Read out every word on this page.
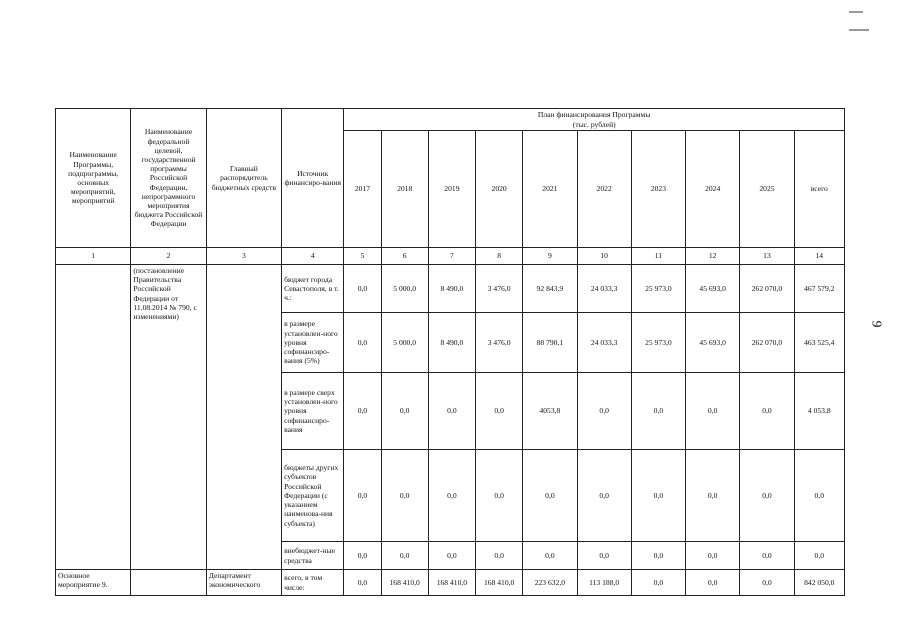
9
Наименование Программы, подпрограммы, основных мероприятий, мероприятий	Наименование федеральной целевой, государственной программы Российской Федерации, непрограммного мероприятия бюджета Российской Федерации	Главный распорядитель бюджетных средств	Источник финансиро-вания	План финансирования Программы
(тыс. рублей)									

				2017	2018	2019	2020	2021	2022	2023	2024	2025	всего
1	2	3	4	5	6	7	8	9	10	11	12	13	14
	(постановление Правительства Российской Федерации от 11.08.2014 № 790, с изменениями)		бюджет города Севастополя, в т. ч.:	0,0	5 000,0	8 490,0	3 476,0	92 843,9	24 033,3	25 973,0	45 693,0	262 070,0	467 579,2
			в размере установлен-ного уровня софинансиро-вания (5%)	0,0	5 000,0	8 490,0	3 476,0	88 790,1	24 033,3	25 973,0	45 693,0	262 070,0	463 525,4
			в размере сверх установлен-ного уровня софинансиро-вания	0,0	0,0	0,0	0,0	4053,8	0,0	0,0	0,0	0,0	4 053,8
			бюджеты других субъектов Российской Федерации (с указанием наименова-ния субъекта)	0,0	0,0	0,0	0,0	0,0	0,0	0,0	0,0	0,0	0,0
			внебюджет-ные средства	0,0	0,0	0,0	0,0	0,0	0,0	0,0	0,0	0,0	0,0
Основное мероприятие 9.		Департамент экономического	всего, в том числе:	0,0	168 410,0	168 410,0	168 410,0	223 632,0	113 188,0	0,0	0,0	0,0	842 050,0
